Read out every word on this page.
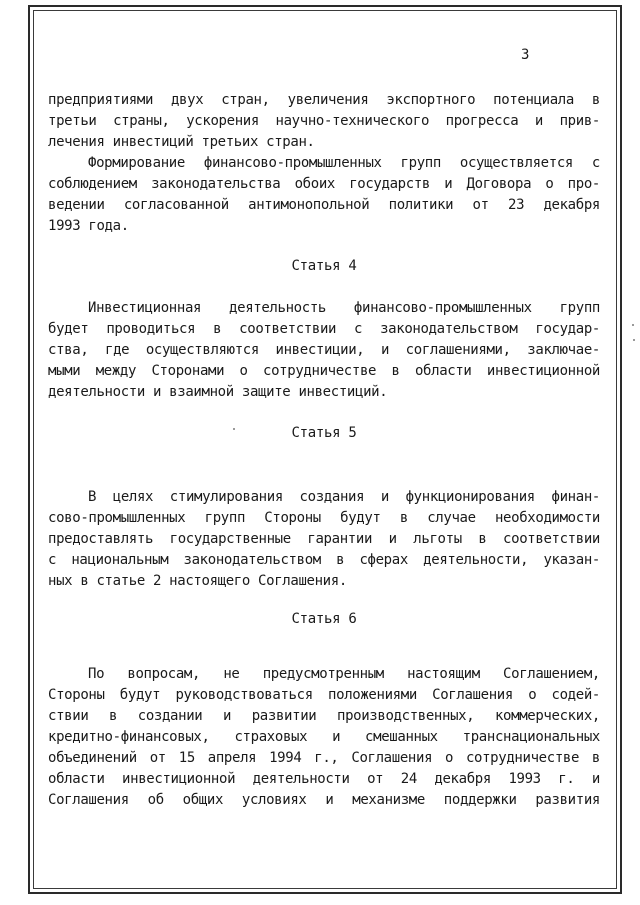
3
предприятиями двух стран, увеличения экспортного потенциала в
третьи страны, ускорения научно-технического прогресса и прив-
лечения инвестиций третьих стран.
Формирование финансово-промышленных групп осуществляется с
соблюдением законодательства обоих государств и Договора о про-
ведении согласованной антимонопольной политики от 23 декабря
1993 года.
Статья 4
Инвестиционная деятельность финансово-промышленных групп
будет проводиться в соответствии с законодательством государ-
ства, где осуществляются инвестиции, и соглашениями, заключае-
мыми между Сторонами о сотрудничестве в области инвестиционной
деятельности и взаимной защите инвестиций.
Статья 5
В целях стимулирования создания и функционирования финан-
сово-промышленных групп Стороны будут в случае необходимости
предоставлять государственные гарантии и льготы в соответствии
с национальным законодательством в сферах деятельности, указан-
ных в статье 2 настоящего Соглашения.
Статья 6
По вопросам, не предусмотренным настоящим Соглашением,
Стороны будут руководствоваться положениями Соглашения о содей-
ствии в создании и развитии производственных, коммерческих,
кредитно-финансовых, страховых и смешанных транснациональных
объединений от 15 апреля 1994 г., Соглашения о сотрудничестве в
области инвестиционной деятельности от 24 декабря 1993 г. и
Соглашения об общих условиях и механизме поддержки развития
